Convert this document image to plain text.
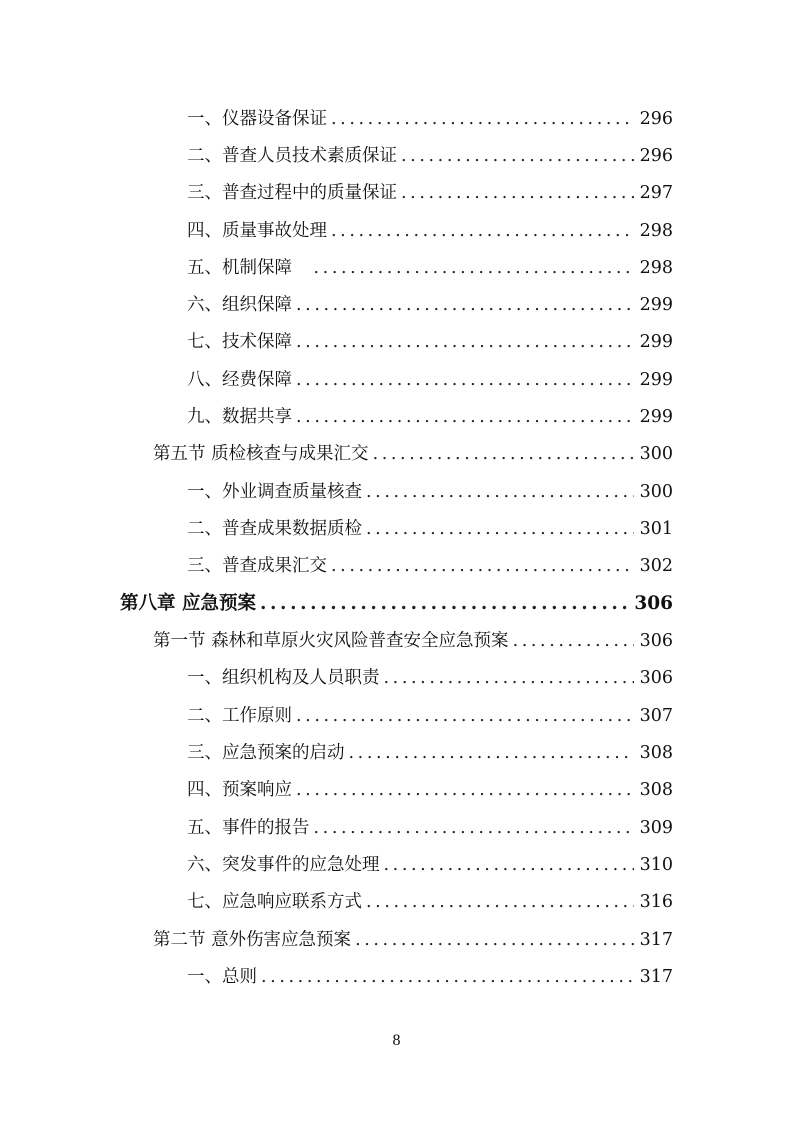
一、仪器设备保证 .....	296
二、普查人员技术素质保证 .....	296
三、普查过程中的质量保证 .....	297
四、质量事故处理 .....	298
五、机制保障　 .....	298
六、组织保障 .....	299
七、技术保障 .....	299
八、经费保障 .....	299
九、数据共享 .....	299
第五节 质检核查与成果汇交 .....	300
一、外业调查质量核查 .....	300
二、普查成果数据质检 .....	301
三、普查成果汇交 .....	302
第八章 应急预案 .....	306
第一节 森林和草原火灾风险普查安全应急预案 .....	306
一、组织机构及人员职责 .....	306
二、工作原则 .....	307
三、应急预案的启动 .....	308
四、预案响应 .....	308
五、事件的报告 .....	309
六、突发事件的应急处理 .....	310
七、应急响应联系方式 .....	316
第二节 意外伤害应急预案 .....	317
一、总则 .....	317
8
